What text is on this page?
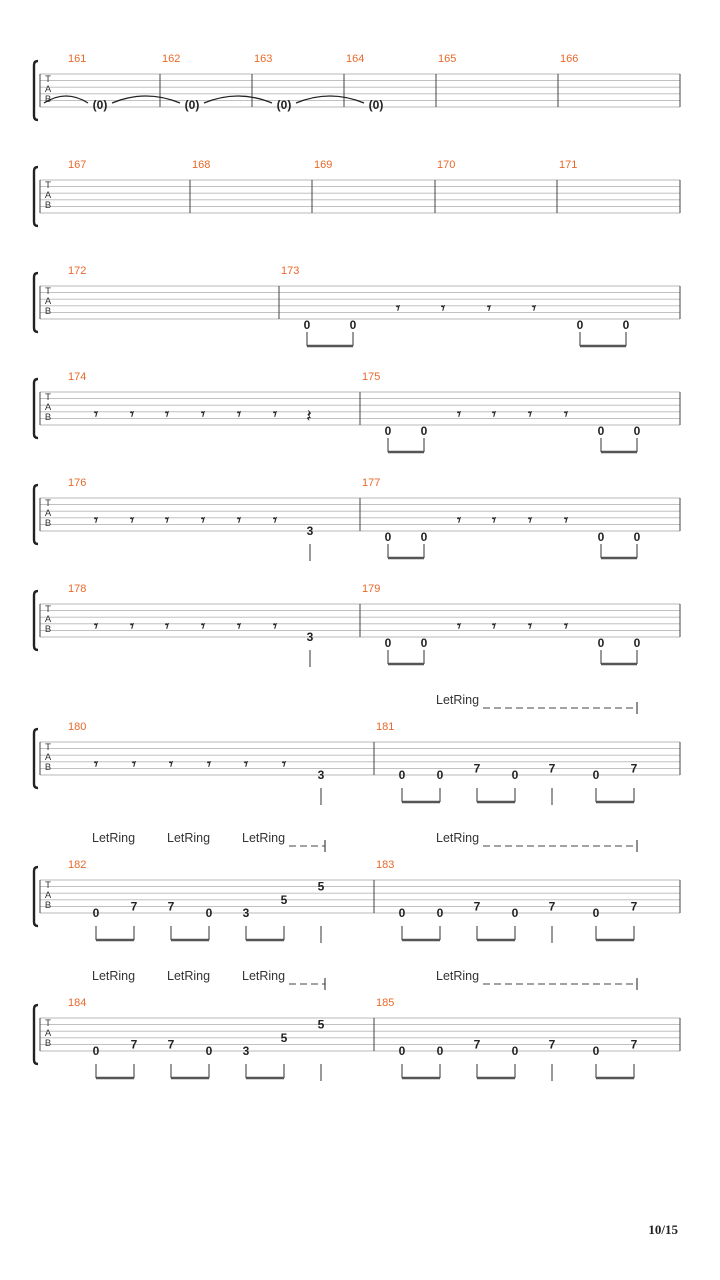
T
A
B
161
(0)
162
(0)
163
(0)
164
(0)
165	166
T
A
B
167	168	169	170	171
T
A
B
172	173
0	0
𝄾	𝄾	𝄾	𝄾
0	0
T
A
B
174
𝄾 𝄾 𝄾 𝄾 𝄾 𝄾 𝄽
175
0 0
𝄾 𝄾 𝄾 𝄾
0 0
T
A
B
176
𝄾 𝄾 𝄾 𝄾 𝄾 𝄾
3
177
0 0
𝄾 𝄾 𝄾 𝄾
0 0
T
A
B
178
𝄾 𝄾 𝄾 𝄾 𝄾 𝄾
3
179
0 0
𝄾 𝄾 𝄾 𝄾
0 0
T
A
B
180
𝄾 𝄾 𝄾 𝄾 𝄾 𝄾
3
181
0	0	7	0	7	0	7
LetRing
T
A
B
182
0	7	7	0	3
5
5
183
0	0	7	0	7	0	7
LetRing	LetRing	LetRing	LetRing
T
A
B
184
0	7	7	0	3
5
5
185
0	0	7	0	7	0	7
LetRing	LetRing	LetRing	LetRing
10/15
